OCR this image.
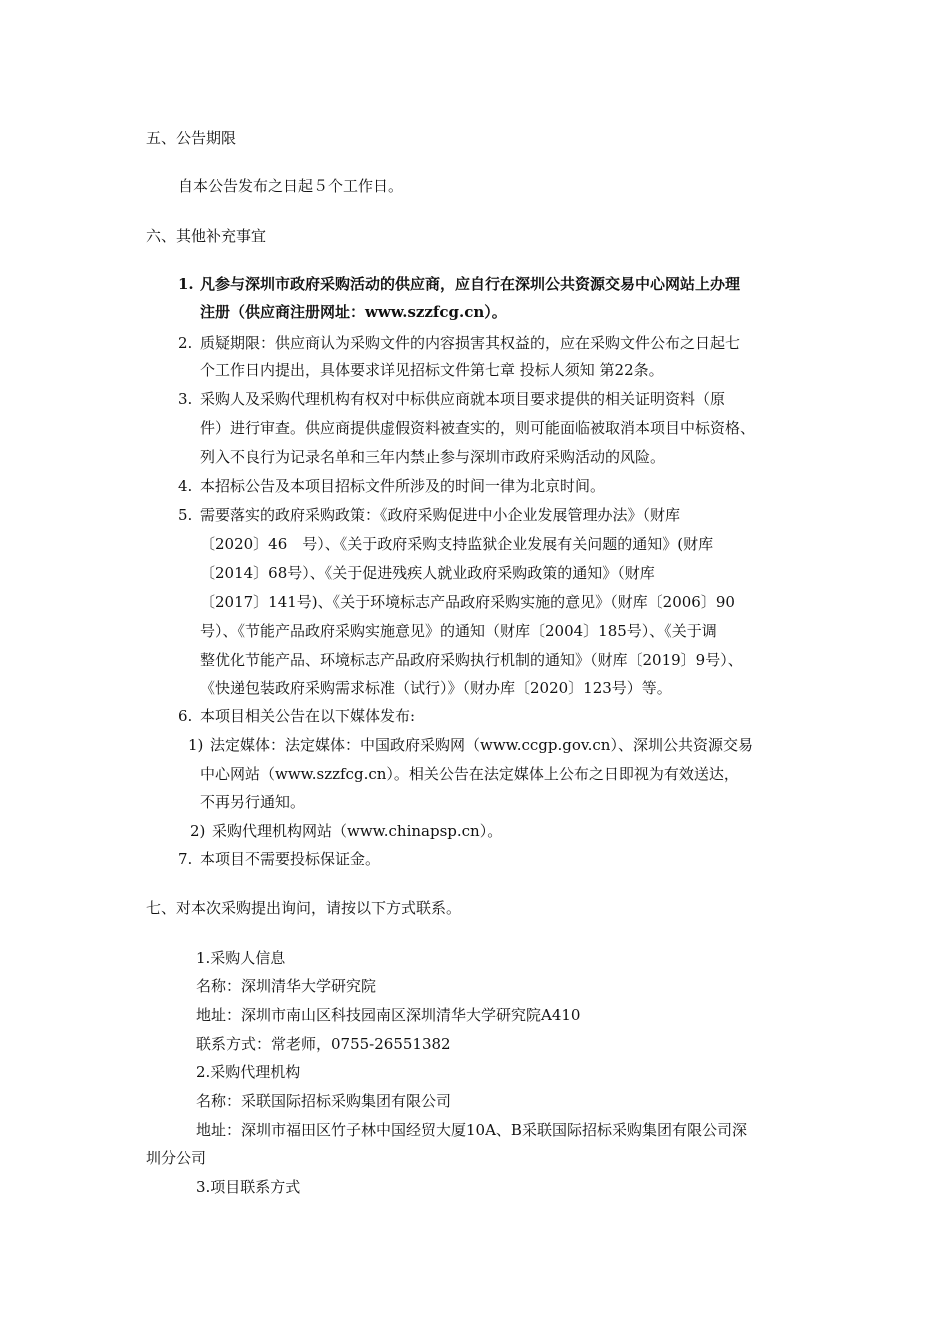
五、公告期限
自本公告发布之日起５个工作日。
六、其他补充事宜
1. 凡参与深圳市政府采购活动的供应商，应自行在深圳公共资源交易中心网站上办理
注册（供应商注册网址：www.szzfcg.cn）。
2. 质疑期限：供应商认为采购文件的内容损害其权益的，应在采购文件公布之日起七
个工作日内提出，具体要求详见招标文件第七章 投标人须知 第22条。
3. 采购人及采购代理机构有权对中标供应商就本项目要求提供的相关证明资料（原
件）进行审查。供应商提供虚假资料被查实的，则可能面临被取消本项目中标资格、
列入不良行为记录名单和三年内禁止参与深圳市政府采购活动的风险。
4. 本招标公告及本项目招标文件所涉及的时间一律为北京时间。
5. 需要落实的政府采购政策：《政府采购促进中小企业发展管理办法》（财库
〔2020〕46　号）、《关于政府采购支持监狱企业发展有关问题的通知》(财库
〔2014〕68号）、《关于促进残疾人就业政府采购政策的通知》（财库
〔2017〕141号)、《关于环境标志产品政府采购实施的意见》（财库〔2006〕90
号）、《节能产品政府采购实施意见》的通知（财库〔2004〕185号）、《关于调
整优化节能产品、环境标志产品政府采购执行机制的通知》（财库〔2019〕9号）、
《快递包装政府采购需求标准（试行）》（财办库〔2020〕123号）等。
6. 本项目相关公告在以下媒体发布:
1) 法定媒体：法定媒体：中国政府采购网（www.ccgp.gov.cn）、深圳公共资源交易
中心网站（www.szzfcg.cn）。相关公告在法定媒体上公布之日即视为有效送达，
不再另行通知。
2) 采购代理机构网站（www.chinapsp.cn）。
7. 本项目不需要投标保证金。
七、对本次采购提出询问，请按以下方式联系。
1.采购人信息
名称：深圳清华大学研究院
地址：深圳市南山区科技园南区深圳清华大学研究院A410
联系方式：常老师，0755-26551382
2.采购代理机构
名称：采联国际招标采购集团有限公司
地址：深圳市福田区竹子林中国经贸大厦10A、B采联国际招标采购集团有限公司深
圳分公司
3.项目联系方式
